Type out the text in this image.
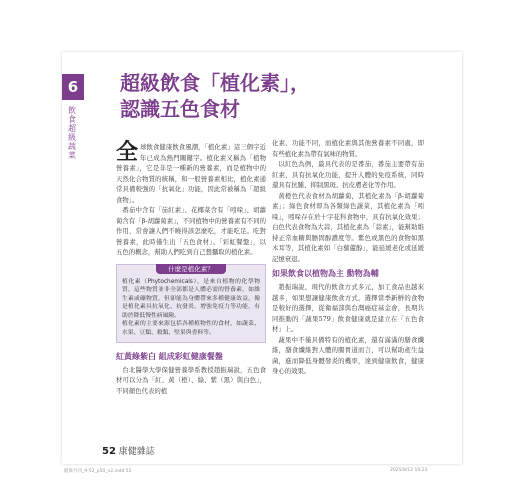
6
飲食超級蔬菜
超級飲食「植化素」，
認識五色食材

全球飲食健康飲食風潮，「植化素」這三個字近年已成為熱門關鍵字。植化素又稱為「植物營養素」，它是非是一種新的營養素，而是植物中的天然化合物質的統稱，和一般營養素相比，植化素通常具備較強的「抗氧化」功能，因此常被稱為「超級食物」。

番茄中含有「茄紅素」、花椰菜含有「吲哚」、胡蘿蔔含有「β-胡蘿蔔素」，不同植物中的營養素有不同的作用，常會讓人們不曉得該怎麼吃，才能吃足。吃對營養素，此時僅生出「五色食材」、「彩虹餐盤」，以五色的概念，幫助人們吃到自己想攝取的植化素。

什麼是植化素？

植化素（Phytochemicals），是來自植物的化學物質，這些物質並非全部都是人體必需的營養素，如維生素或礦物質，但卻能為身體帶來多種健康效益，像是植化素具抗氧化、抗發炎，增強免疫力等功能，有助於降低慢性病風險。

植化素的主要來源包括各種植物性的食材，如蔬菜、水果、豆類、穀類、堅果與香料等。

紅黃綠紫白 組成彩虹健康餐盤

台北醫學大學保健營養學系教授趙振瑞說，五色食材可以分為「紅、黃（橙）、綠、紫（黑）與白色」，不同顏色代表的植

化素、功能不同，而植化素與其他營養素不同處，即有些植化素為帶有氣味的物質。

以紅色為例，最具代表的是番茄，番茄主要帶有茄紅素，具有抗氧化功能，提升人體的免疫系統，同時還具有抗腫、抑制黑斑、抗皮膚老化等作用。

黃橙色代表食材為胡蘿蔔，其植化素為「β-胡蘿蔔素」；綠色食材即為各類綠色蔬菜，其植化素為「吲哚」，吲哚存在於十字花科食物中，具有抗氧化效果；白色代表食物為大蒜，其植化素為「蒜素」，能幫助維持正常血糖與膽固醇濃度等。紫色或黑色的食物如黑木耳等，其植化素如「白藜蘆醇」，能延緩老化或延緩記憶衰退。

如果飲食以植物為主 動物為輔

趙振瑞說，現代的飲食方式多元，加工食品也越來越多，如果想讓健康飲食方式，選擇當季新鮮的食物是較好的選擇，從衛福部與台灣癌症基金會，長期共同推動的「蔬果579」飲食健康就是建立在「五色食材」上。

蔬果中不僅具備特有的植化素，還有滿滿的膳食纖維，膳食纖維對人體的腸胃道而言，可以幫助產生益菌，進而降低身體發炎的機率，達到健康飲食，健康身心的效果。

52 康健雜誌
健康月刊_9-52_p50_v2.indd 52	2025/8/12 10:23
